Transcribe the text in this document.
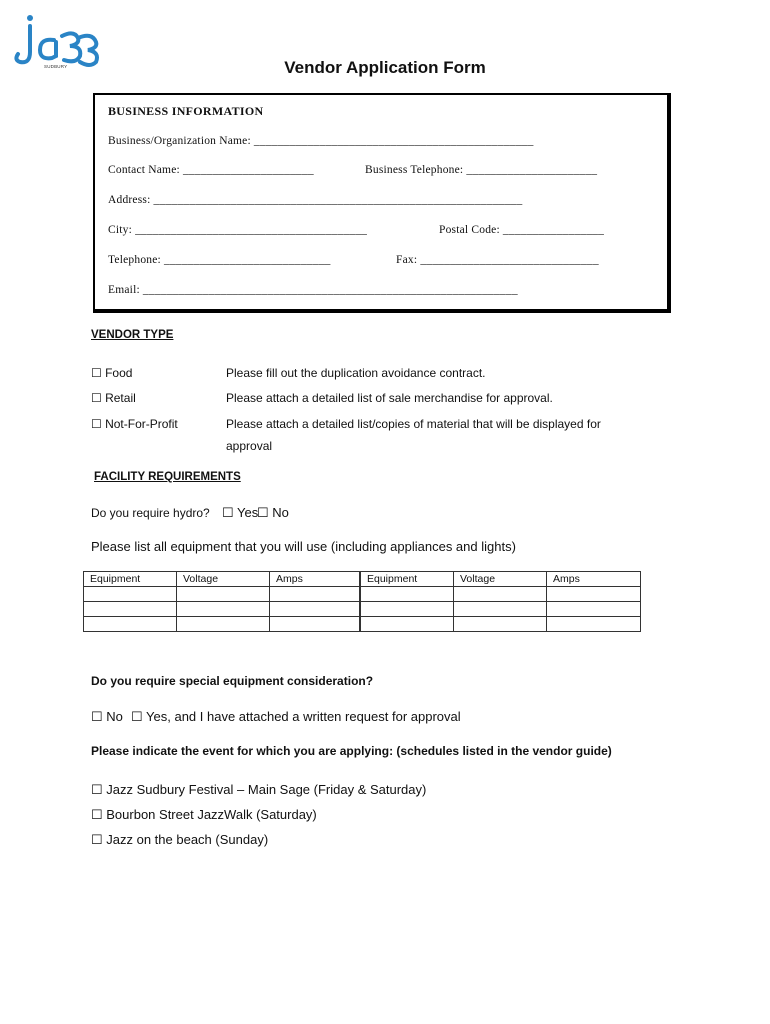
SUDBURY	Vendor Application Form
BUSINESS INFORMATION
Business/Organization Name: _______________________________________________
Contact Name: ______________________	Business Telephone: ______________________
Address: ______________________________________________________________
City: _______________________________________	Postal Code: _________________
Telephone: ____________________________	Fax: ______________________________
Email: _______________________________________________________________
VENDOR TYPE
☐ Food	Please fill out the duplication avoidance contract.
☐ Retail	Please attach a detailed list of sale merchandise for approval.
☐ Not-For-Profit	Please attach a detailed list/copies of material that will be displayed for
approval
FACILITY REQUIREMENTS
Do you require hydro? ☐ Yes
☐ No
Please list all equipment that you will use (including appliances and lights)
Equipment	Voltage	Amps	Equipment	Voltage	Amps

Do you require special equipment consideration?
☐ No ☐ Yes, and I have attached a written request for approval
Please indicate the event for which you are applying: (schedules listed in the vendor guide)
☐ Jazz Sudbury Festival – Main Sage (Friday & Saturday)
☐ Bourbon Street JazzWalk (Saturday)
☐ Jazz on the beach (Sunday)
